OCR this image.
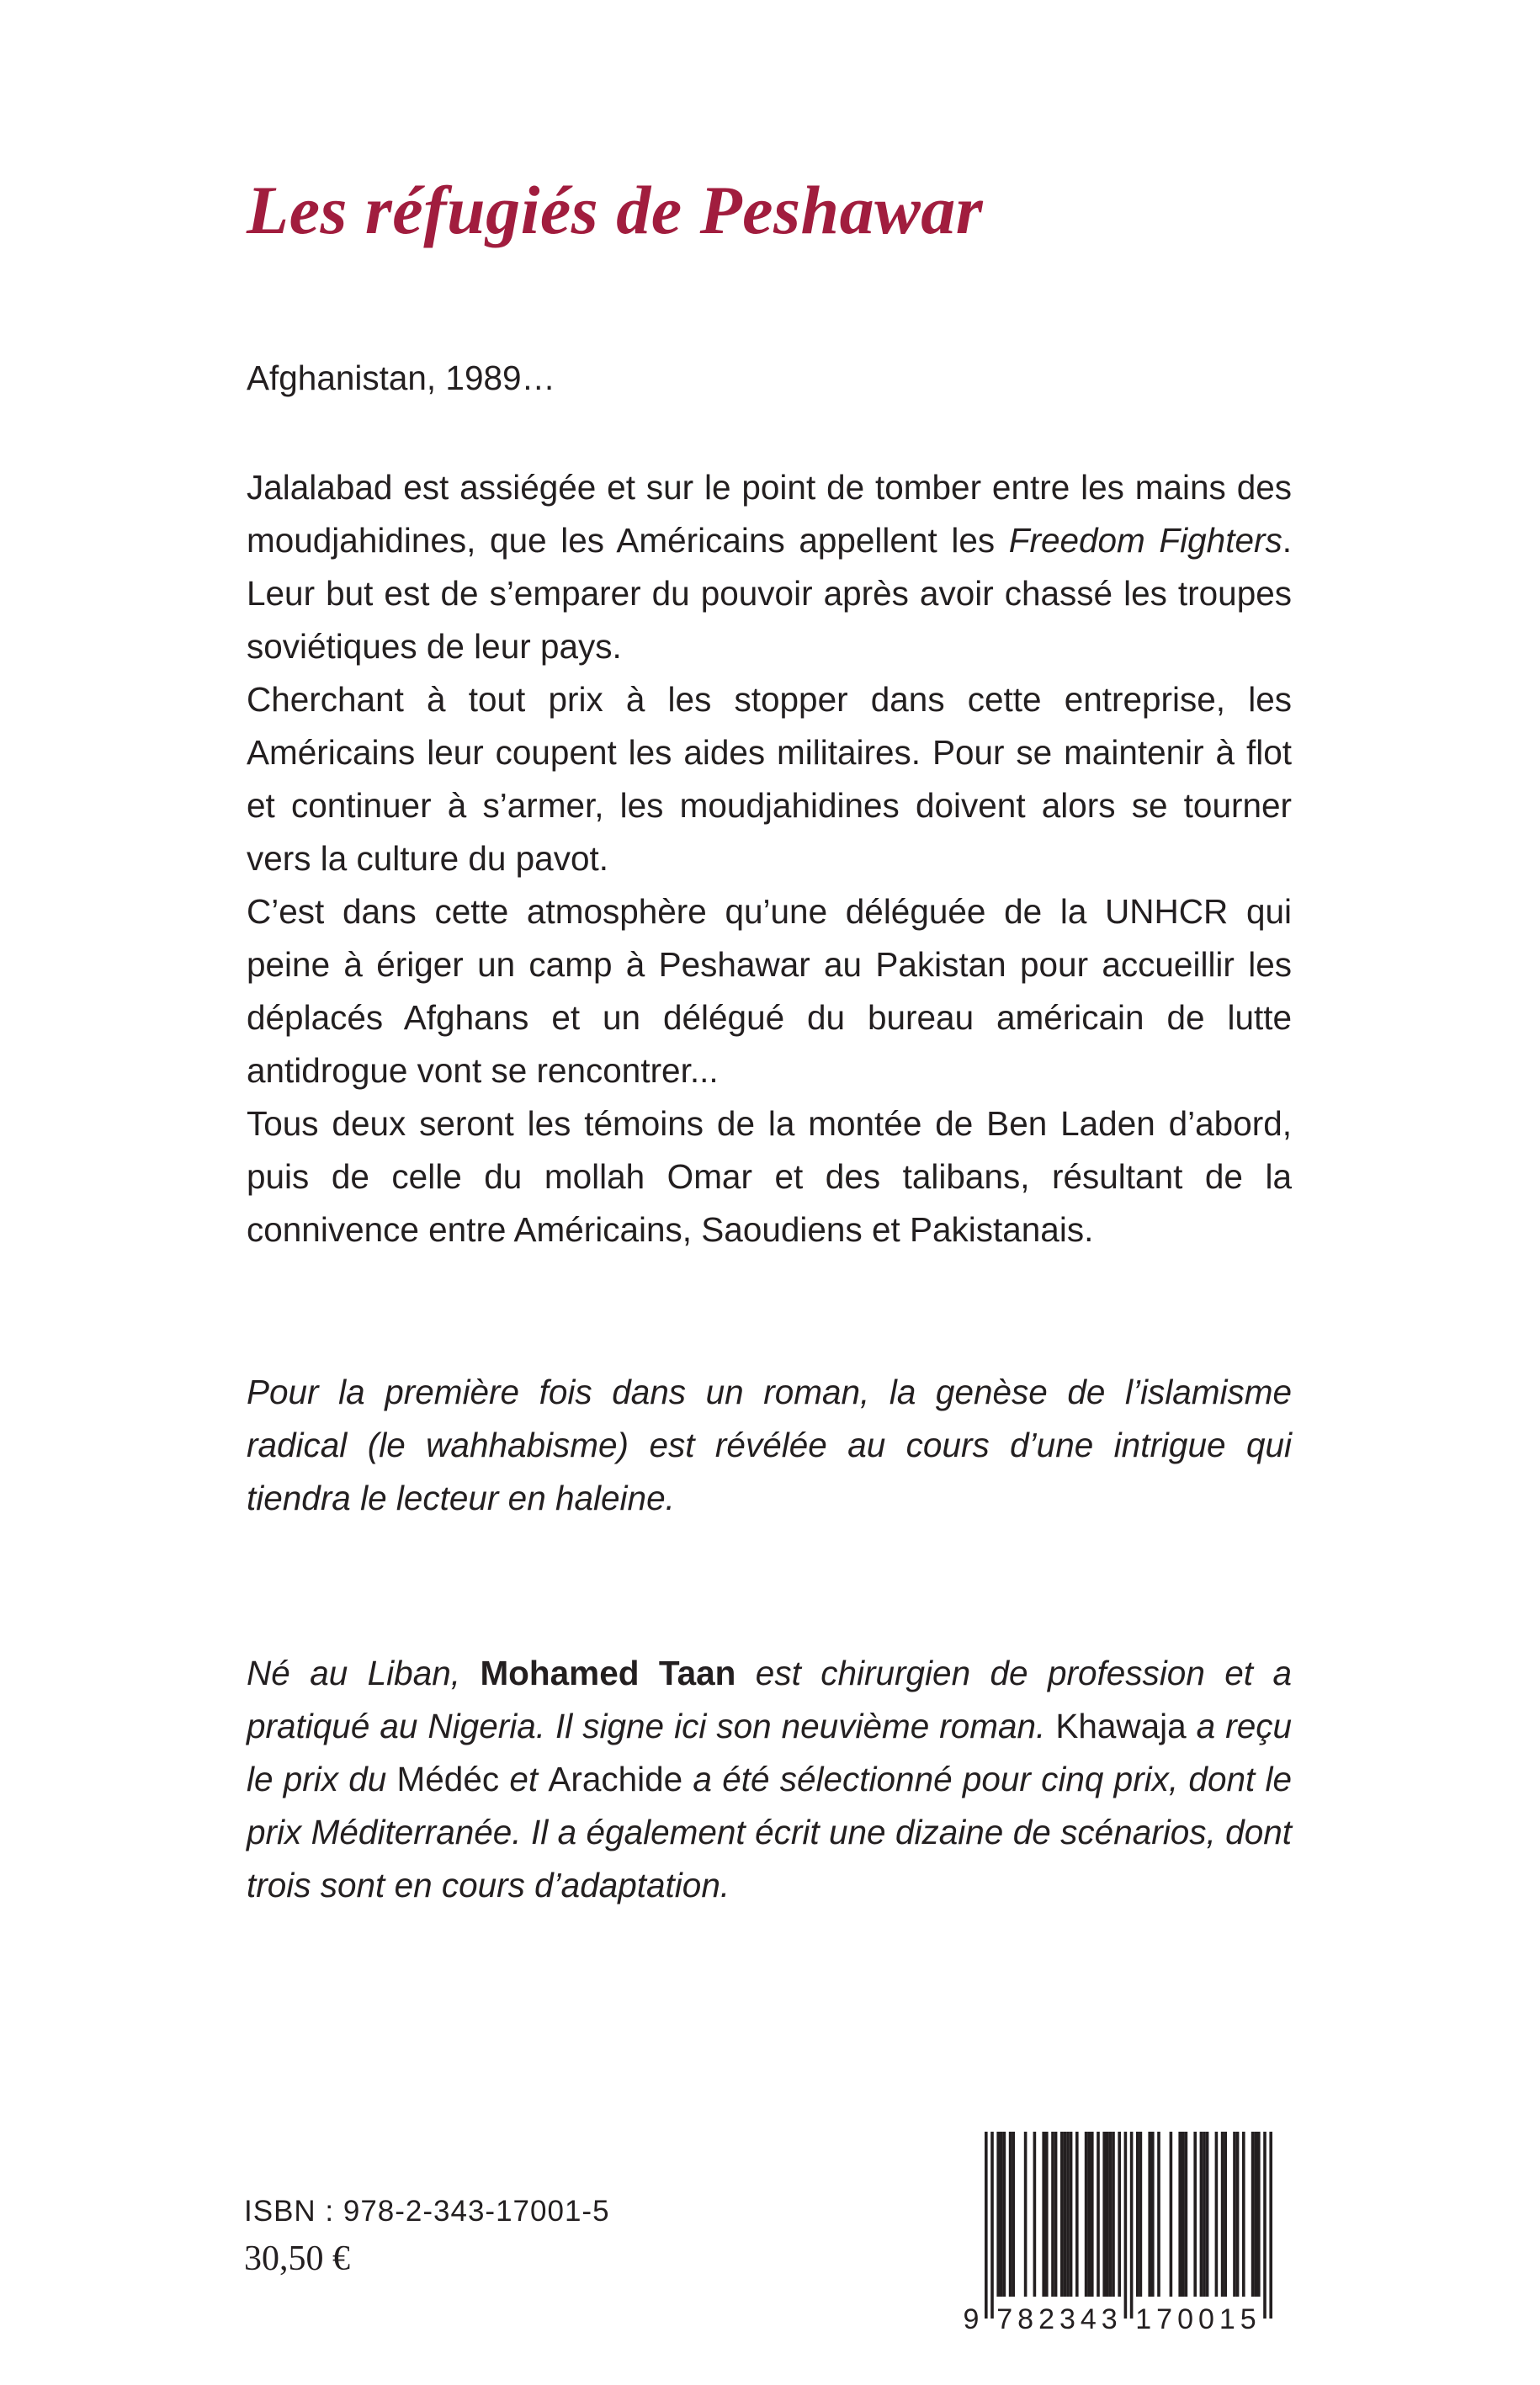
Les réfugiés de Peshawar

Afghanistan, 1989…

Jalalabad est assiégée et sur le point de tomber entre les mains des moudjahidines, que les Américains appellent les Freedom Fighters. Leur but est de s’emparer du pouvoir après avoir chassé les troupes soviétiques de leur pays.

Cherchant à tout prix à les stopper dans cette entreprise, les Américains leur coupent les aides militaires. Pour se maintenir à flot et continuer à s’armer, les moudjahidines doivent alors se tourner vers la culture du pavot.

C’est dans cette atmosphère qu’une déléguée de la UNHCR qui peine à ériger un camp à Peshawar au Pakistan pour accueillir les déplacés Afghans et un délégué du bureau américain de lutte antidrogue vont se rencontrer...

Tous deux seront les témoins de la montée de Ben Laden d’abord, puis de celle du mollah Omar et des talibans, résultant de la connivence entre Américains, Saoudiens et Pakistanais.

Pour la première fois dans un roman, la genèse de l’islamisme radical (le wahhabisme) est révélée au cours d’une intrigue qui tiendra le lecteur en haleine.

Né au Liban, Mohamed Taan est chirurgien de profession et a pratiqué au Nigeria. Il signe ici son neuvième roman. Khawaja a reçu le prix du Médéc et Arachide a été sélectionné pour cinq prix, dont le prix Méditerranée. Il a également écrit une dizaine de scénarios, dont trois sont en cours d’adaptation.

ISBN : 978-2-343-17001-5
30,50 €
9 782343 170015
